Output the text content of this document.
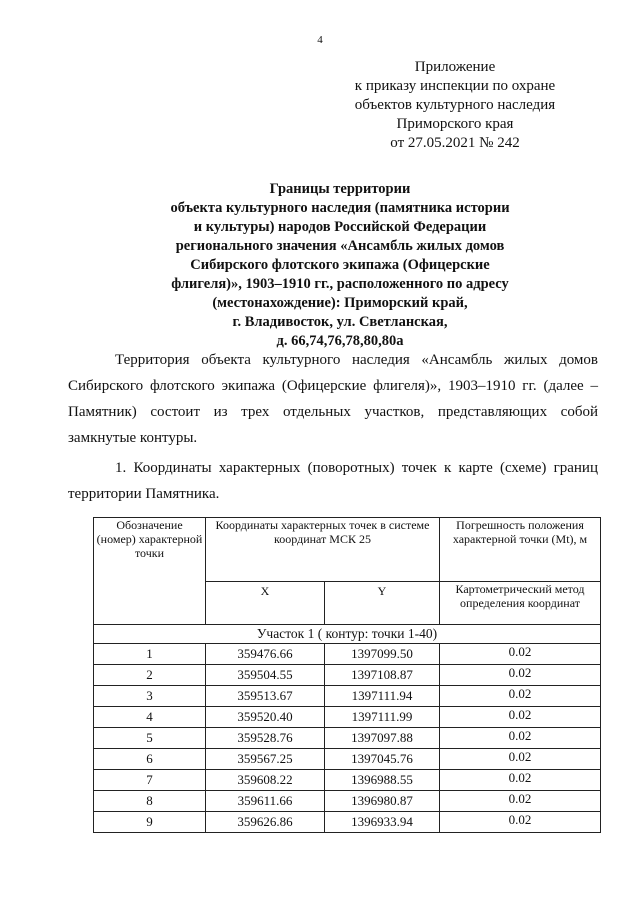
4
Приложение
к приказу инспекции по охране
объектов культурного наследия
Приморского края
от 27.05.2021 № 242
Границы территории
объекта культурного наследия (памятника истории
и культуры) народов Российской Федерации
регионального значения «Ансамбль жилых домов
Сибирского флотского экипажа (Офицерские
флигеля)», 1903–1910 гг., расположенного по адресу
(местонахождение): Приморский край,
г. Владивосток, ул. Светланская,
д. 66,74,76,78,80,80а
Территория объекта культурного наследия «Ансамбль жилых домов Сибирского флотского экипажа (Офицерские флигеля)», 1903–1910 гг. (далее – Памятник) состоит из трех отдельных участков, представляющих собой замкнутые контуры.
1. Координаты характерных (поворотных) точек к карте (схеме) границ территории Памятника.
Обозначение (номер) характерной точки	Координаты характерных точек в системе координат МСК 25		Погрешность положения характерной точки (Mt), м
	X	Y	Картометрический метод определения координат
Участок 1 ( контур: точки 1-40)			
1	359476.66	1397099.50	0.02
2	359504.55	1397108.87	0.02
3	359513.67	1397111.94	0.02
4	359520.40	1397111.99	0.02
5	359528.76	1397097.88	0.02
6	359567.25	1397045.76	0.02
7	359608.22	1396988.55	0.02
8	359611.66	1396980.87	0.02
9	359626.86	1396933.94	0.02
